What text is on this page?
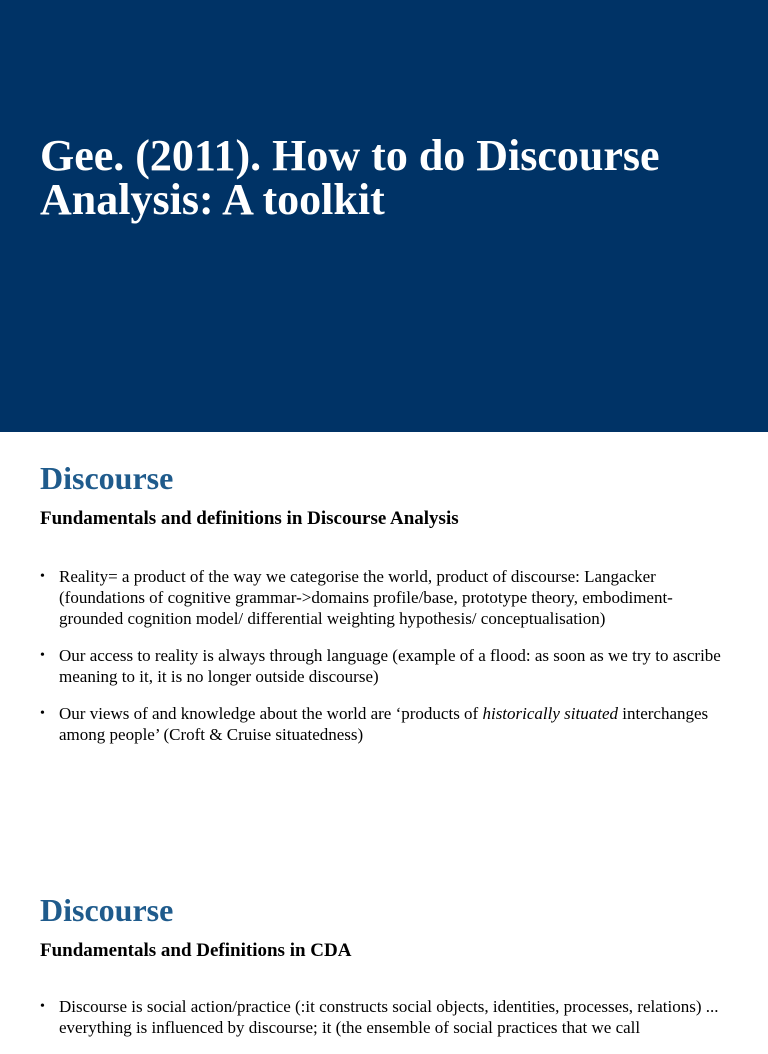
Gee. (2011). How to do Discourse Analysis: A toolkit
Discourse
Fundamentals and definitions in Discourse Analysis
• Reality= a product of the way we categorise the world, product of discourse: Langacker (foundations of cognitive grammar->domains profile/base, prototype theory, embodiment- grounded cognition model/ differential weighting hypothesis/ conceptualisation)
• Our access to reality is always through language (example of a flood: as soon as we try to ascribe meaning to it, it is no longer outside discourse)
• Our views of and knowledge about the world are ‘products of historically situated interchanges among people’ (Croft & Cruise situatedness)
Discourse
Fundamentals and Definitions in CDA
• Discourse is social action/practice (:it constructs social objects, identities, processes, relations) ... everything is influenced by discourse; it (the ensemble of social practices that we call
